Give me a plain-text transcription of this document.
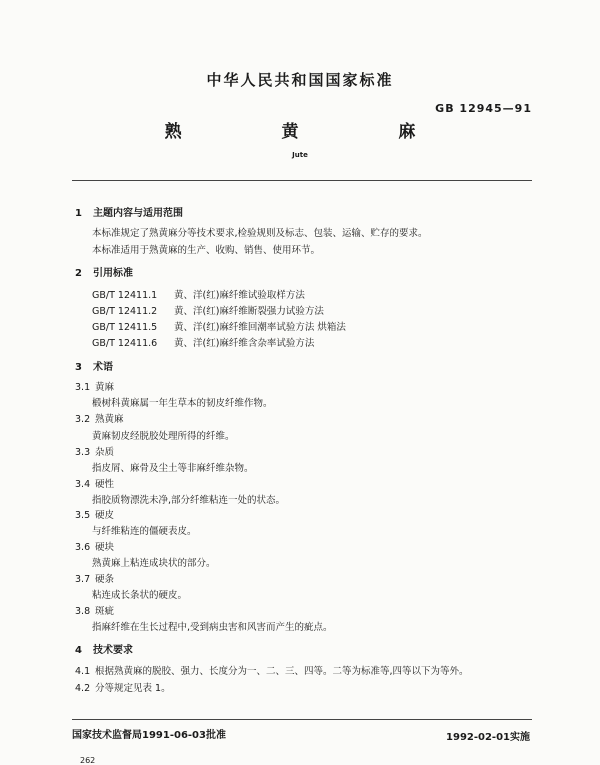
中华人民共和国国家标准
GB 12945—91
熟 黄 麻
Jute
1 主题内容与适用范围
本标准规定了熟黄麻分等技术要求,检验规则及标志、包装、运输、贮存的要求。
本标准适用于熟黄麻的生产、收购、销售、使用环节。
2 引用标准
GB/T 12411.1 黄、洋(红)麻纤维试验取样方法
GB/T 12411.2 黄、洋(红)麻纤维断裂强力试验方法
GB/T 12411.5 黄、洋(红)麻纤维回潮率试验方法 烘箱法
GB/T 12411.6 黄、洋(红)麻纤维含杂率试验方法
3 术语
3.1 黄麻
椴树科黄麻属一年生草本的韧皮纤维作物。
3.2 熟黄麻
黄麻韧皮经脱胶处理所得的纤维。
3.3 杂质
指皮屑、麻骨及尘土等非麻纤维杂物。
3.4 硬性
指胶质物漂洗未净,部分纤维粘连一处的状态。
3.5 硬皮
与纤维粘连的僵硬表皮。
3.6 硬块
熟黄麻上粘连成块状的部分。
3.7 硬条
粘连成长条状的硬皮。
3.8 斑疵
指麻纤维在生长过程中,受到病虫害和风害而产生的疵点。
4 技术要求
4.1 根据熟黄麻的脱胶、强力、长度分为一、二、三、四等。二等为标准等,四等以下为等外。
4.2 分等规定见表 1。
国家技术监督局1991-06-03批准	1992-02-01实施
262
